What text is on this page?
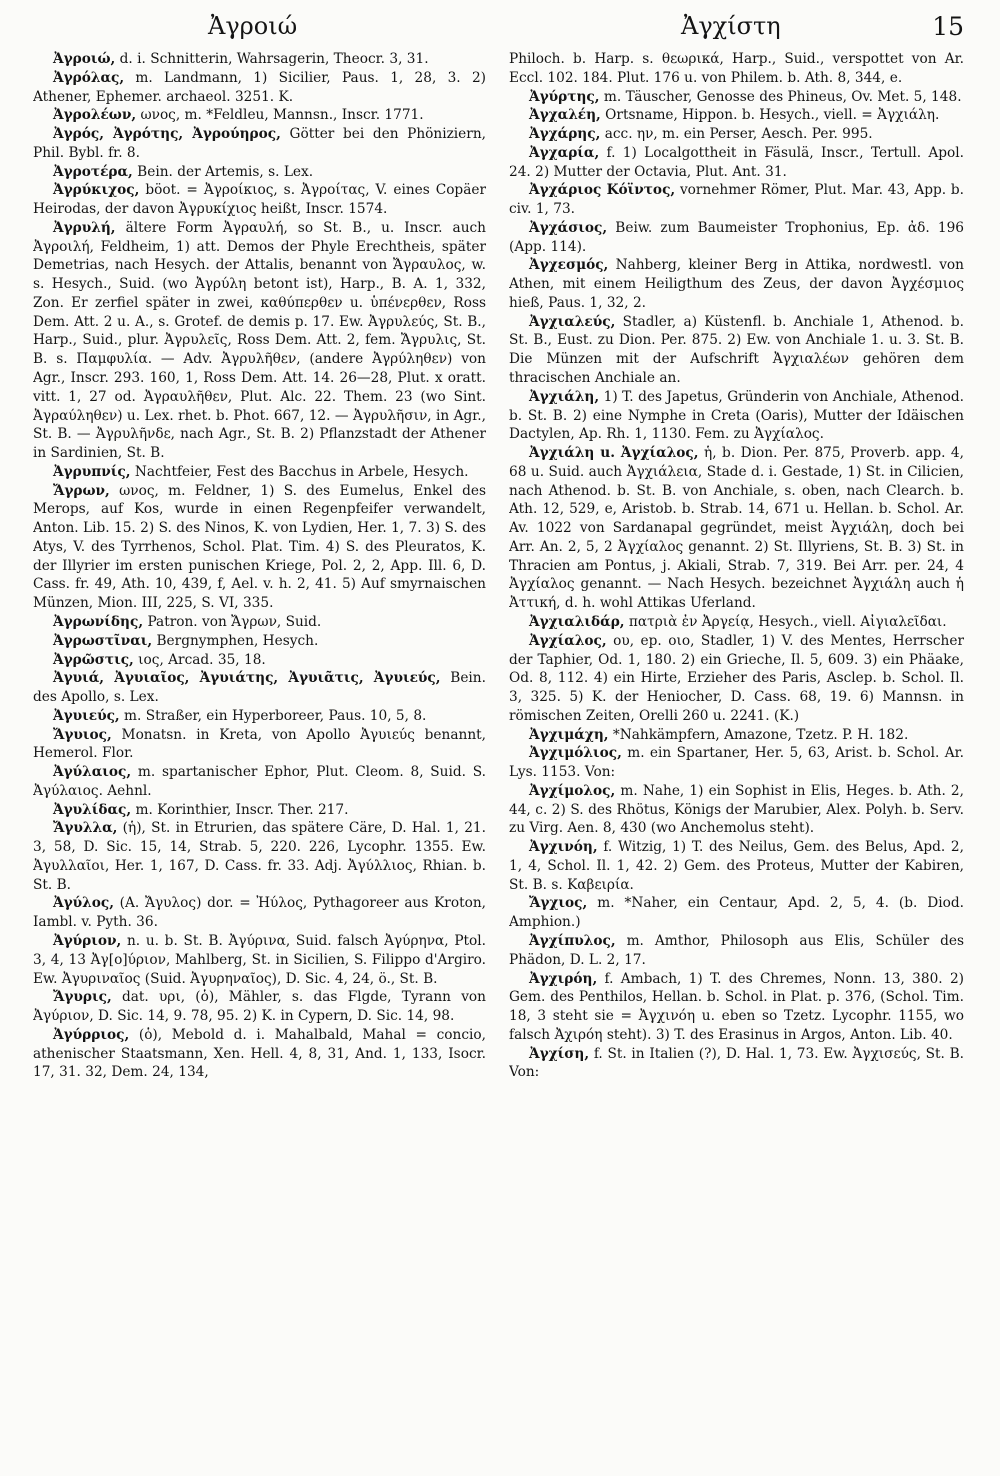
Ἀγροιώ	Ἀγχίστη	15

Ἀγροιώ, d. i. Schnitterin, Wahrsagerin, Theocr. 3, 31.

Ἀγρόλας, m. Landmann, 1) Sicilier, Paus. 1, 28, 3. 2) Athener, Ephemer. archaeol. 3251. K.

Ἀγρολέων, ωνος, m. *Feldleu, Mannsn., Inscr. 1771.

Ἀγρός, Ἀγρότης, Ἀγρούηρος, Götter bei den Phöniziern, Phil. Bybl. fr. 8.

Ἀγροτέρα, Bein. der Artemis, s. Lex.

Ἀγρύκιχος, böot. = Ἀγροίκιος, s. Ἀγροίτας, V. eines Copäer Heirodas, der davon Ἀγρυκίχιος heißt, Inscr. 1574.

Ἀγρυλή, ältere Form Ἀγραυλή, so St. B., u. Inscr. auch Ἀγροιλή, Feldheim, 1) att. Demos der Phyle Erechtheis, später Demetrias, nach Hesych. der Attalis, benannt von Ἄγραυλος, w. s. Hesych., Suid. (wo Ἀγρύλη betont ist), Harp., B. A. 1, 332, Zon. Er zerfiel später in zwei, καθύπερθεν u. ὑπένερθεν, Ross Dem. Att. 2 u. A., s. Grotef. de demis p. 17. Ew. Ἀγρυλεύς, St. B., Harp., Suid., plur. Ἀγρυλεῖς, Ross Dem. Att. 2, fem. Ἄγρυλις, St. B. s. Παμφυλία. — Adv. Ἀγρυλῆθεν, (andere Ἀγρύληθεν) von Agr., Inscr. 293. 160, 1, Ross Dem. Att. 14. 26—28, Plut. x oratt. vitt. 1, 27 od. Ἀγραυλῆθεν, Plut. Alc. 22. Them. 23 (wo Sint. Ἀγραύληθεν) u. Lex. rhet. b. Phot. 667, 12. — Ἀγρυλῆσιν, in Agr., St. B. — Ἀγρυλῆνδε, nach Agr., St. B. 2) Pflanzstadt der Athener in Sardinien, St. B.

Ἀγρυπνίς, Nachtfeier, Fest des Bacchus in Arbele, Hesych.

Ἄγρων, ωνος, m. Feldner, 1) S. des Eumelus, Enkel des Merops, auf Kos, wurde in einen Regenpfeifer verwandelt, Anton. Lib. 15. 2) S. des Ninos, K. von Lydien, Her. 1, 7. 3) S. des Atys, V. des Tyrrhenos, Schol. Plat. Tim. 4) S. des Pleuratos, K. der Illyrier im ersten punischen Kriege, Pol. 2, 2, App. Ill. 6, D. Cass. fr. 49, Ath. 10, 439, f, Ael. v. h. 2, 41. 5) Auf smyrnaischen Münzen, Mion. III, 225, S. VI, 335.

Ἀγρωνίδης, Patron. von Ἄγρων, Suid.

Ἀγρωστῖναι, Bergnymphen, Hesych.

Ἀγρῶστις, ιος, Arcad. 35, 18.

Ἀγυιά, Ἀγυιαῖος, Ἀγυιάτης, Ἀγυιᾶτις, Ἀγυιεύς, Bein. des Apollo, s. Lex.

Ἀγυιεύς, m. Straßer, ein Hyperboreer, Paus. 10, 5, 8.

Ἄγυιος, Monatsn. in Kreta, von Apollo Ἀγυιεύς benannt, Hemerol. Flor.

Ἀγύλαιος, m. spartanischer Ephor, Plut. Cleom. 8, Suid. S. Ἀγύλαιος. Aehnl.

Ἀγυλίδας, m. Korinthier, Inscr. Ther. 217.

Ἄγυλλα, (ἡ), St. in Etrurien, das spätere Cäre, D. Hal. 1, 21. 3, 58, D. Sic. 15, 14, Strab. 5, 220. 226, Lycophr. 1355. Ew. Ἀγυλλαῖοι, Her. 1, 167, D. Cass. fr. 33. Adj. Ἀγύλλιος, Rhian. b. St. B.

Ἀγύλος, (A. Ἄγυλος) dor. = Ἠύλος, Pythagoreer aus Kroton, Iambl. v. Pyth. 36.

Ἀγύριον, n. u. b. St. B. Ἀγύρινα, Suid. falsch Ἀγύρηνα, Ptol. 3, 4, 13 Ἀγ[ο]ύριον, Mahlberg, St. in Sicilien, S. Filippo d'Argiro. Ew. Ἀγυριναῖος (Suid. Ἀγυρηναῖος), D. Sic. 4, 24, ö., St. B.

Ἄγυρις, dat. υρι, (ὁ), Mähler, s. das Flgde, Tyrann von Ἀγύριον, D. Sic. 14, 9. 78, 95. 2) K. in Cypern, D. Sic. 14, 98.

Ἀγύρριος, (ὁ), Mebold d. i. Mahalbald, Mahal = concio, athenischer Staatsmann, Xen. Hell. 4, 8, 31, And. 1, 133, Isocr. 17, 31. 32, Dem. 24, 134,

Philoch. b. Harp. s. θεωρικά, Harp., Suid., verspottet von Ar. Eccl. 102. 184. Plut. 176 u. von Philem. b. Ath. 8, 344, e.

Ἀγύρτης, m. Täuscher, Genosse des Phineus, Ov. Met. 5, 148.

Ἀγχαλέη, Ortsname, Hippon. b. Hesych., viell. = Ἀγχιάλη.

Ἀγχάρης, acc. ην, m. ein Perser, Aesch. Per. 995.

Ἀγχαρία, f. 1) Localgottheit in Fäsulä, Inscr., Tertull. Apol. 24. 2) Mutter der Octavia, Plut. Ant. 31.

Ἀγχάριος Κόϊντος, vornehmer Römer, Plut. Mar. 43, App. b. civ. 1, 73.

Ἀγχάσιος, Beiw. zum Baumeister Trophonius, Ep. ἀδ. 196 (App. 114).

Ἀγχεσμός, Nahberg, kleiner Berg in Attika, nordwestl. von Athen, mit einem Heiligthum des Zeus, der davon Ἀγχέσμιος hieß, Paus. 1, 32, 2.

Ἀγχιαλεύς, Stadler, a) Küstenfl. b. Anchiale 1, Athenod. b. St. B., Eust. zu Dion. Per. 875. 2) Ew. von Anchiale 1. u. 3. St. B. Die Münzen mit der Aufschrift Ἀγχιαλέων gehören dem thracischen Anchiale an.

Ἀγχιάλη, 1) T. des Japetus, Gründerin von Anchiale, Athenod. b. St. B. 2) eine Nymphe in Creta (Oaris), Mutter der Idäischen Dactylen, Ap. Rh. 1, 1130. Fem. zu Ἀγχίαλος.

Ἀγχιάλη u. Ἀγχίαλος, ἡ, b. Dion. Per. 875, Proverb. app. 4, 68 u. Suid. auch Ἀγχιάλεια, Stade d. i. Gestade, 1) St. in Cilicien, nach Athenod. b. St. B. von Anchiale, s. oben, nach Clearch. b. Ath. 12, 529, e, Aristob. b. Strab. 14, 671 u. Hellan. b. Schol. Ar. Av. 1022 von Sardanapal gegründet, meist Ἀγχιάλη, doch bei Arr. An. 2, 5, 2 Ἀγχίαλος genannt. 2) St. Illyriens, St. B. 3) St. in Thracien am Pontus, j. Akiali, Strab. 7, 319. Bei Arr. per. 24, 4 Ἀγχίαλος genannt. — Nach Hesych. bezeichnet Ἀγχιάλη auch ἡ Ἀττική, d. h. wohl Attikas Uferland.

Ἀγχιαλιδάρ, πατριὰ ἐν Ἀργείᾳ, Hesych., viell. Αἰγιαλεῖδαι.

Ἀγχίαλος, ου, ep. οιο, Stadler, 1) V. des Mentes, Herrscher der Taphier, Od. 1, 180. 2) ein Grieche, Il. 5, 609. 3) ein Phäake, Od. 8, 112. 4) ein Hirte, Erzieher des Paris, Asclep. b. Schol. Il. 3, 325. 5) K. der Heniocher, D. Cass. 68, 19. 6) Mannsn. in römischen Zeiten, Orelli 260 u. 2241. (K.)

Ἀγχιμάχη, *Nahkämpfern, Amazone, Tzetz. P. H. 182.

Ἀγχιμόλιος, m. ein Spartaner, Her. 5, 63, Arist. b. Schol. Ar. Lys. 1153. Von:

Ἀγχίμολος, m. Nahe, 1) ein Sophist in Elis, Heges. b. Ath. 2, 44, c. 2) S. des Rhötus, Königs der Marubier, Alex. Polyh. b. Serv. zu Virg. Aen. 8, 430 (wo Anchemolus steht).

Ἀγχινόη, f. Witzig, 1) T. des Neilus, Gem. des Belus, Apd. 2, 1, 4, Schol. Il. 1, 42. 2) Gem. des Proteus, Mutter der Kabiren, St. B. s. Καβειρία.

Ἄγχιος, m. *Naher, ein Centaur, Apd. 2, 5, 4. (b. Diod. Amphion.)

Ἀγχίπυλος, m. Amthor, Philosoph aus Elis, Schüler des Phädon, D. L. 2, 17.

Ἀγχιρόη, f. Ambach, 1) T. des Chremes, Nonn. 13, 380. 2) Gem. des Penthilos, Hellan. b. Schol. in Plat. p. 376, (Schol. Tim. 18, 3 steht sie = Ἀγχινόη u. eben so Tzetz. Lycophr. 1155, wo falsch Ἀχιρόη steht). 3) T. des Erasinus in Argos, Anton. Lib. 40.

Ἀγχίση, f. St. in Italien (?), D. Hal. 1, 73. Ew. Ἀγχισεύς, St. B. Von:
